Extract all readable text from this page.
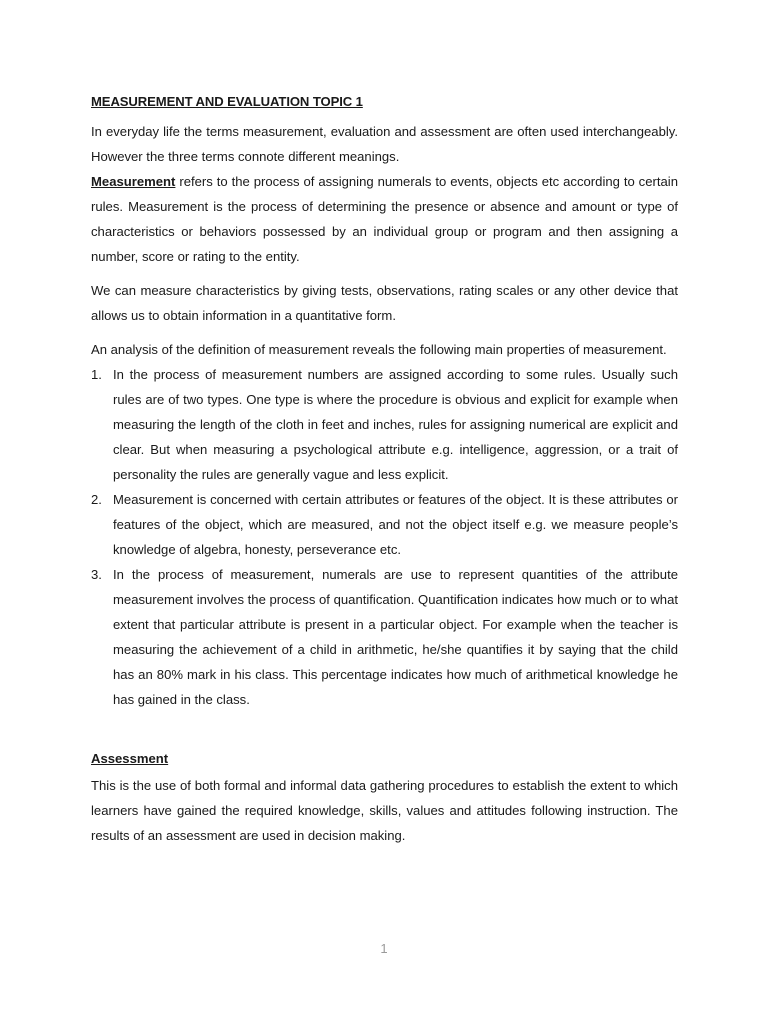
MEASUREMENT AND EVALUATION TOPIC 1

In everyday life the terms measurement, evaluation and assessment are often used interchangeably. However the three terms connote different meanings.

Measurement refers to the process of assigning numerals to events, objects etc according to certain rules. Measurement is the process of determining the presence or absence and amount or type of characteristics or behaviors possessed by an individual group or program and then assigning a number, score or rating to the entity.

We can measure characteristics by giving tests, observations, rating scales or any other device that allows us to obtain information in a quantitative form.

An analysis of the definition of measurement reveals the following main properties of measurement.

1. In the process of measurement numbers are assigned according to some rules. Usually such rules are of two types. One type is where the procedure is obvious and explicit for example when measuring the length of the cloth in feet and inches, rules for assigning numerical are explicit and clear. But when measuring a psychological attribute e.g. intelligence, aggression, or a trait of personality the rules are generally vague and less explicit.
2. Measurement is concerned with certain attributes or features of the object. It is these attributes or features of the object, which are measured, and not the object itself e.g. we measure people’s knowledge of algebra, honesty, perseverance etc.
3. In the process of measurement, numerals are use to represent quantities of the attribute measurement involves the process of quantification. Quantification indicates how much or to what extent that particular attribute is present in a particular object. For example when the teacher is measuring the achievement of a child in arithmetic, he/she quantifies it by saying that the child has an 80% mark in his class. This percentage indicates how much of arithmetical knowledge he has gained in the class.

Assessment

This is the use of both formal and informal data gathering procedures to establish the extent to which learners have gained the required knowledge, skills, values and attitudes following instruction. The results of an assessment are used in decision making.

1
